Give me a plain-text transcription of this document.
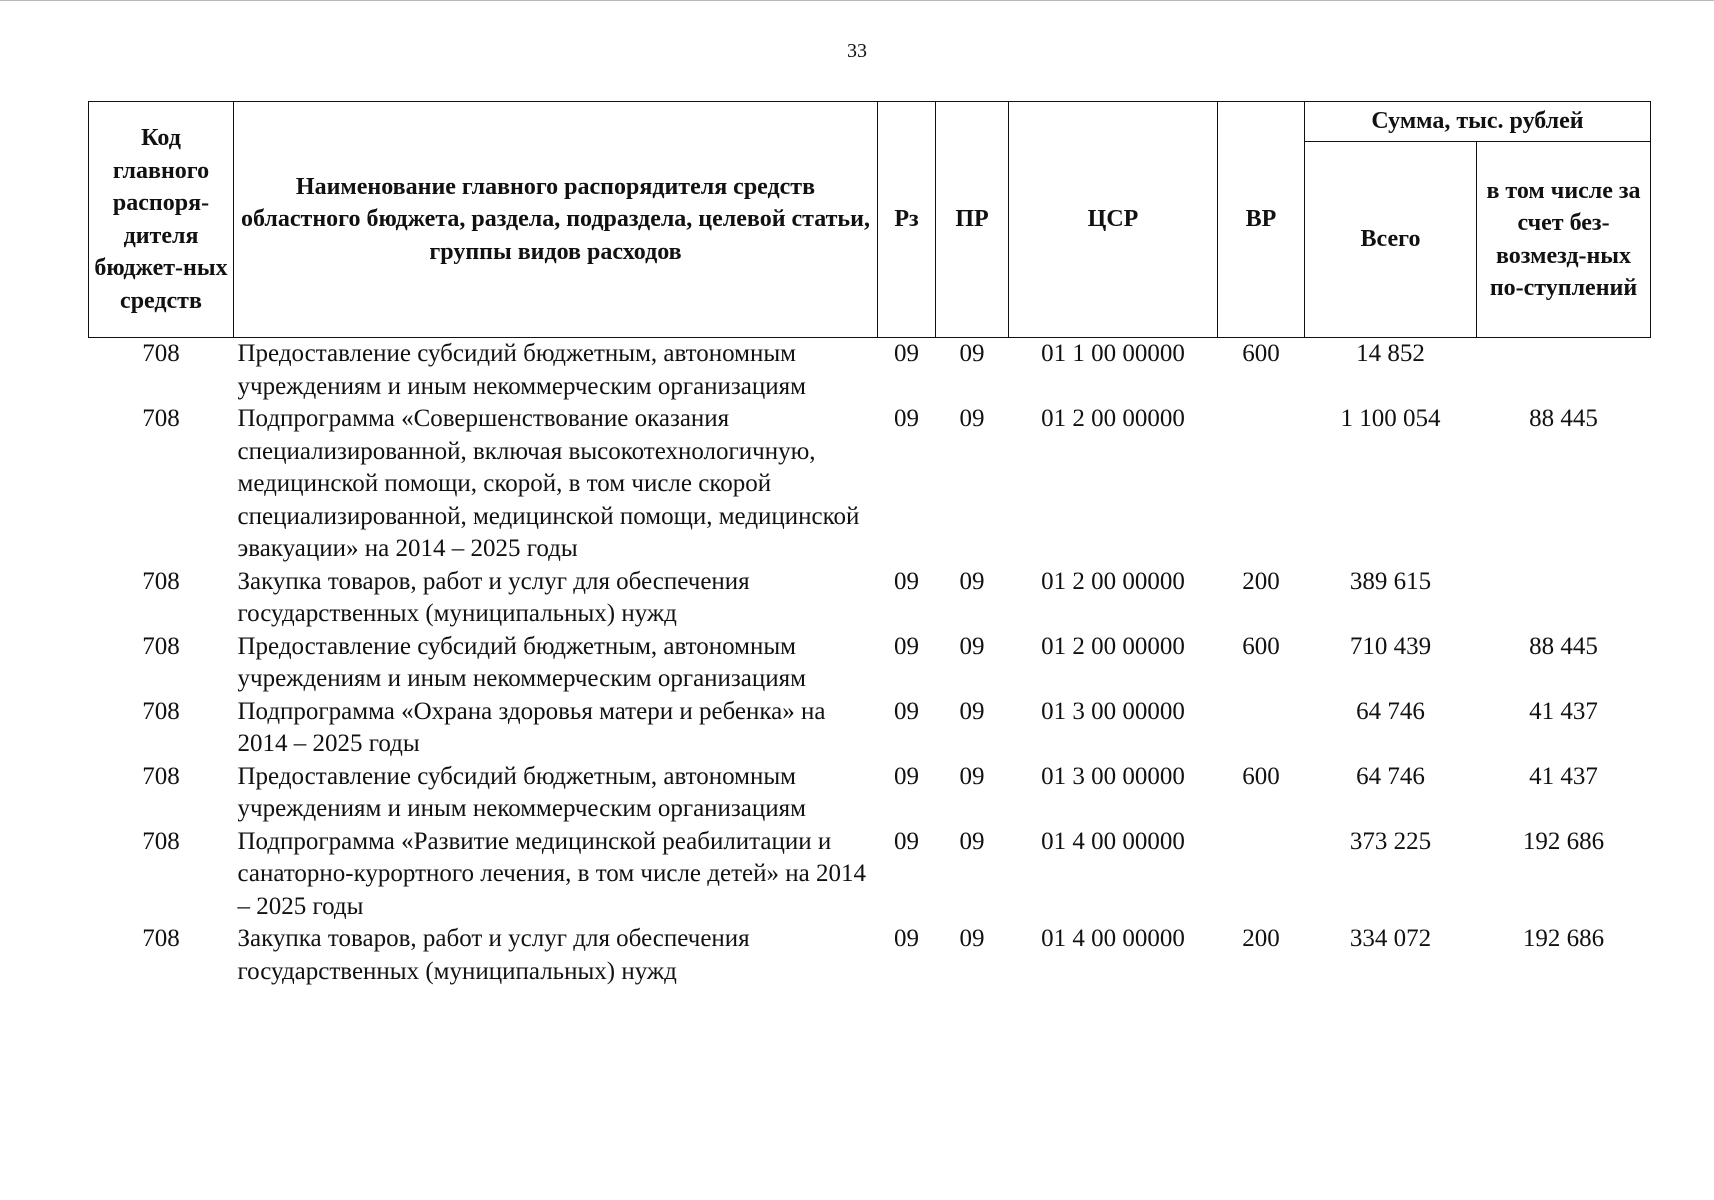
33
Код главного распоря-дителя бюджет-ных средств	Наименование главного распорядителя средств областного бюджета, раздела, подраздела, целевой статьи, группы видов расходов	Рз	ПР	ЦСР	ВР	Сумма, тыс. рублей	
						Всего	в том числе за счет без-возмезд-ных по-ступлений
708	Предоставление субсидий бюджетным, автономным учреждениям и иным некоммерческим организациям	09	09	01 1 00 00000	600	14 852	
708	Подпрограмма «Совершенствование оказания специализированной, включая высокотехнологичную, медицинской помощи, скорой, в том числе скорой специализированной, медицинской помощи, медицинской эвакуации» на 2014 – 2025 годы	09	09	01 2 00 00000		1 100 054	88 445
708	Закупка товаров, работ и услуг для обеспечения государственных (муниципальных) нужд	09	09	01 2 00 00000	200	389 615	
708	Предоставление субсидий бюджетным, автономным учреждениям и иным некоммерческим организациям	09	09	01 2 00 00000	600	710 439	88 445
708	Подпрограмма «Охрана здоровья матери и ребенка» на 2014 – 2025 годы	09	09	01 3 00 00000		64 746	41 437
708	Предоставление субсидий бюджетным, автономным учреждениям и иным некоммерческим организациям	09	09	01 3 00 00000	600	64 746	41 437
708	Подпрограмма «Развитие медицинской реабилитации и санаторно-курортного лечения, в том числе детей» на 2014 – 2025 годы	09	09	01 4 00 00000		373 225	192 686
708	Закупка товаров, работ и услуг для обеспечения государственных (муниципальных) нужд	09	09	01 4 00 00000	200	334 072	192 686
